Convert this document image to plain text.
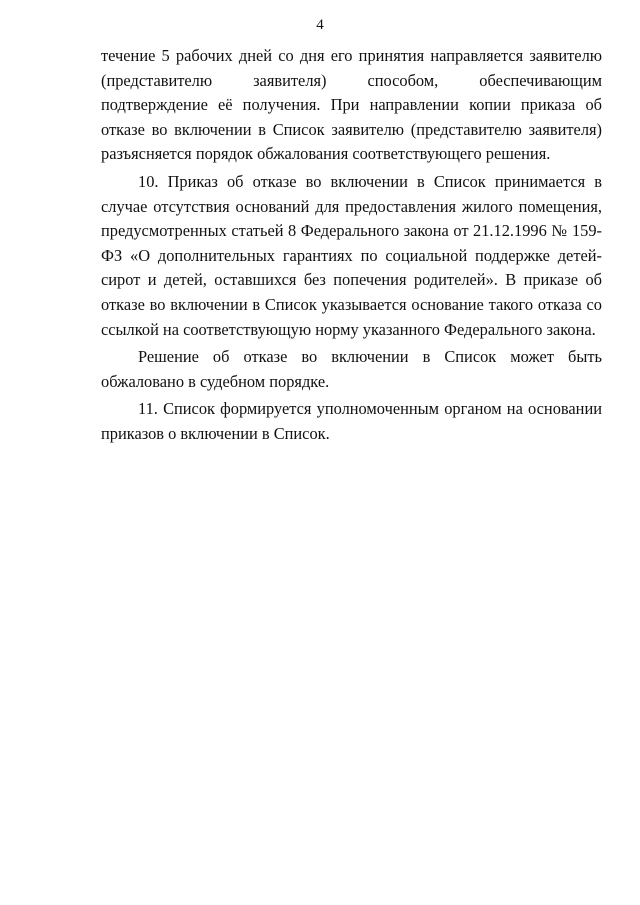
4

течение 5 рабочих дней со дня его принятия направляется заявителю (представителю заявителя) способом, обеспечивающим подтверждение её получения. При направлении копии приказа об отказе во включении в Список заявителю (представителю заявителя) разъясняется порядок обжалования соответствующего решения.

10. Приказ об отказе во включении в Список принимается в случае отсутствия оснований для предоставления жилого помещения, предусмотренных статьей 8 Федерального закона от 21.12.1996 № 159-ФЗ «О дополнительных гарантиях по социальной поддержке детей-сирот и детей, оставшихся без попечения родителей». В приказе об отказе во включении в Список указывается основание такого отказа со ссылкой на соответствующую норму указанного Федерального закона.

Решение об отказе во включении в Список может быть обжаловано в судебном порядке.

11. Список формируется уполномоченным органом на основании приказов о включении в Список.
